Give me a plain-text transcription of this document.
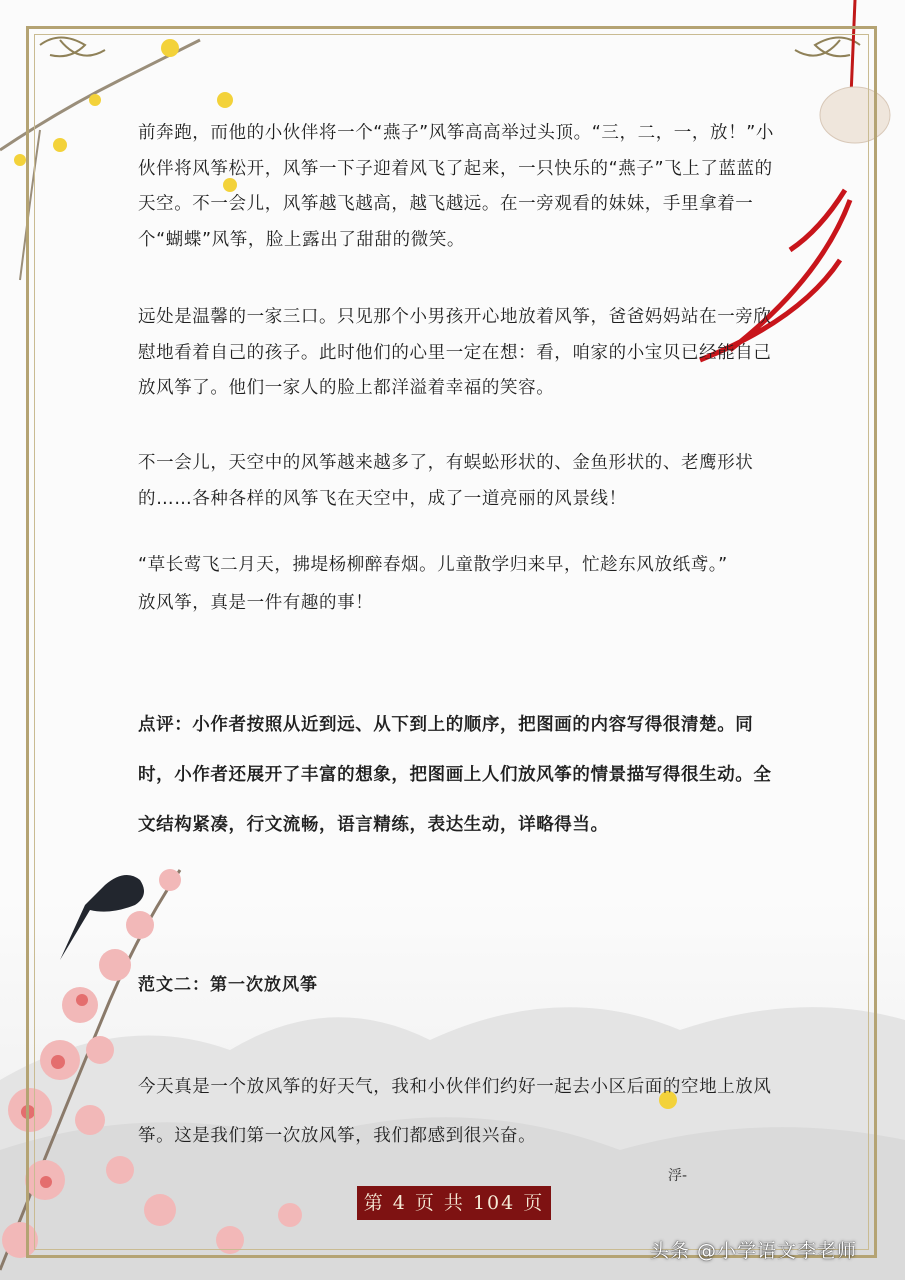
前奔跑，而他的小伙伴将一个“燕子”风筝高高举过头顶。“三，二，一，放！”小伙伴将风筝松开，风筝一下子迎着风飞了起来，一只快乐的“燕子”飞上了蓝蓝的天空。不一会儿，风筝越飞越高，越飞越远。在一旁观看的妹妹，手里拿着一个“蝴蝶”风筝，脸上露出了甜甜的微笑。

远处是温馨的一家三口。只见那个小男孩开心地放着风筝，爸爸妈妈站在一旁欣慰地看着自己的孩子。此时他们的心里一定在想：看，咱家的小宝贝已经能自己放风筝了。他们一家人的脸上都洋溢着幸福的笑容。

不一会儿，天空中的风筝越来越多了，有蜈蚣形状的、金鱼形状的、老鹰形状的……各种各样的风筝飞在天空中，成了一道亮丽的风景线！

“草长莺飞二月天，拂堤杨柳醉春烟。儿童散学归来早，忙趁东风放纸鸢。”

放风筝，真是一件有趣的事！

点评：小作者按照从近到远、从下到上的顺序，把图画的内容写得很清楚。同时，小作者还展开了丰富的想象，把图画上人们放风筝的情景描写得很生动。全文结构紧凑，行文流畅，语言精练，表达生动，详略得当。

范文二：第一次放风筝

今天真是一个放风筝的好天气，我和小伙伴们约好一起去小区后面的空地上放风筝。这是我们第一次放风筝，我们都感到很兴奋。

浮-
第 4 页 共 104 页
头条 @小学语文李老师
